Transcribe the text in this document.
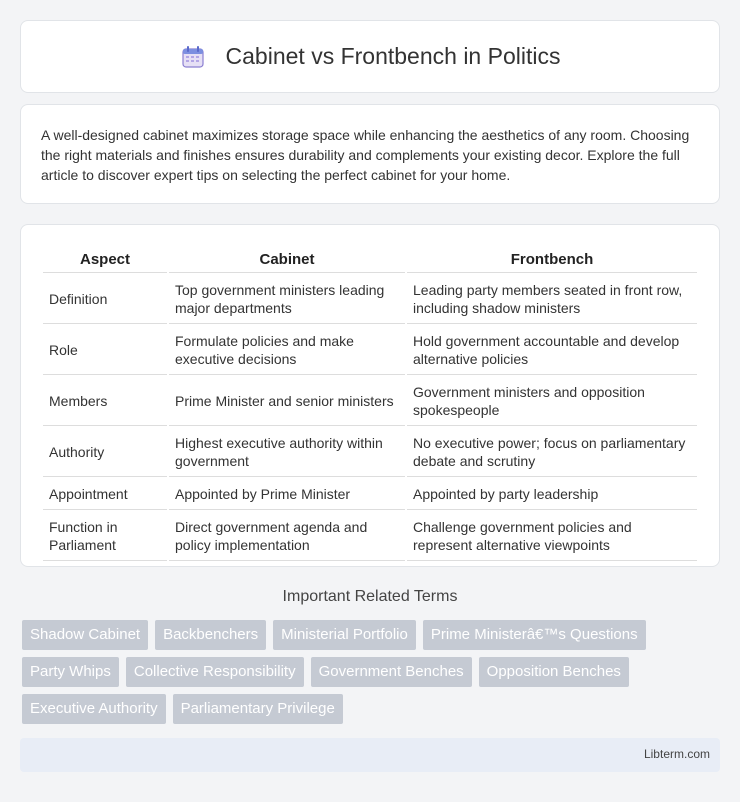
Cabinet vs Frontbench in Politics

A well-designed cabinet maximizes storage space while enhancing the aesthetics of any room. Choosing the right materials and finishes ensures durability and complements your existing decor. Explore the full article to discover expert tips on selecting the perfect cabinet for your home.

Aspect	Cabinet	Frontbench
Definition	Top government ministers leading major departments	Leading party members seated in front row, including shadow ministers
Role	Formulate policies and make executive decisions	Hold government accountable and develop alternative policies
Members	Prime Minister and senior ministers	Government ministers and opposition spokespeople
Authority	Highest executive authority within government	No executive power; focus on parliamentary debate and scrutiny
Appointment	Appointed by Prime Minister	Appointed by party leadership
Function in Parliament	Direct government agenda and policy implementation	Challenge government policies and represent alternative viewpoints
Important Related Terms
Shadow Cabinet	Backbenchers	Ministerial Portfolio	Prime Ministerâ€™s Questions
Party Whips	Collective Responsibility	Government Benches	Opposition Benches
Executive Authority	Parliamentary Privilege
Libterm.com
